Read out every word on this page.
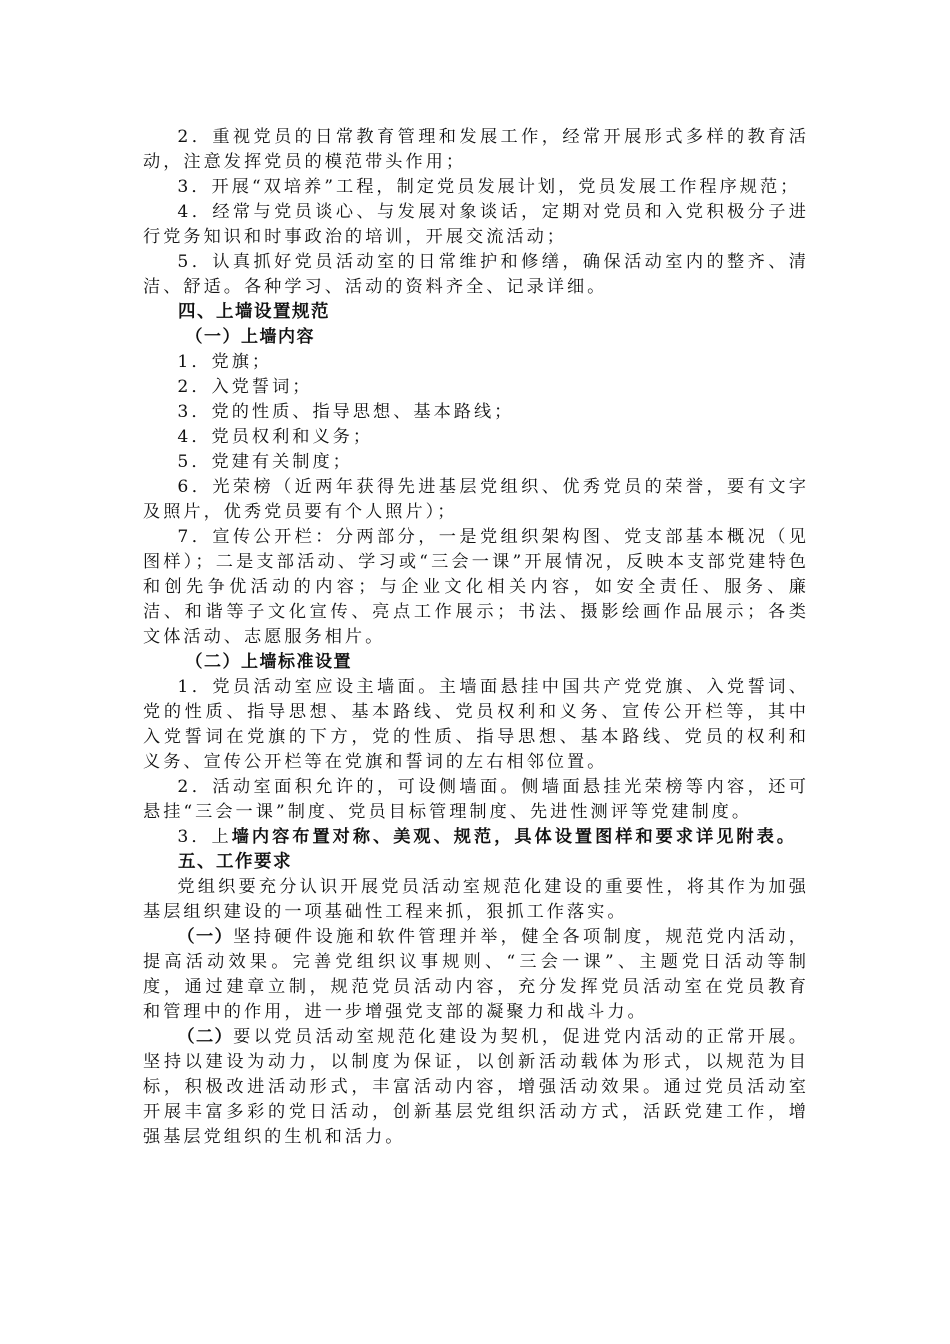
2．重视党员的日常教育管理和发展工作，经常开展形式多样的教育活动，注意发挥党员的模范带头作用；

3．开展“双培养”工程，制定党员发展计划，党员发展工作程序规范；

4．经常与党员谈心、与发展对象谈话，定期对党员和入党积极分子进行党务知识和时事政治的培训，开展交流活动；

5．认真抓好党员活动室的日常维护和修缮，确保活动室内的整齐、清洁、舒适。各种学习、活动的资料齐全、记录详细。

四、上墙设置规范

（一）上墙内容

1．党旗；

2．入党誓词；

3．党的性质、指导思想、基本路线；

4．党员权利和义务；

5．党建有关制度；

6．光荣榜（近两年获得先进基层党组织、优秀党员的荣誉，要有文字及照片，优秀党员要有个人照片）；

7．宣传公开栏：分两部分，一是党组织架构图、党支部基本概况（见图样）；二是支部活动、学习或“三会一课”开展情况，反映本支部党建特色和创先争优活动的内容；与企业文化相关内容，如安全责任、服务、廉洁、和谐等子文化宣传、亮点工作展示；书法、摄影绘画作品展示；各类文体活动、志愿服务相片。

（二）上墙标准设置

1．党员活动室应设主墙面。主墙面悬挂中国共产党党旗、入党誓词、党的性质、指导思想、基本路线、党员权利和义务、宣传公开栏等，其中入党誓词在党旗的下方，党的性质、指导思想、基本路线、党员的权利和义务、宣传公开栏等在党旗和誓词的左右相邻位置。

2．活动室面积允许的，可设侧墙面。侧墙面悬挂光荣榜等内容，还可悬挂“三会一课”制度、党员目标管理制度、先进性测评等党建制度。

3．上墙内容布置对称、美观、规范，具体设置图样和要求详见附表。

五、工作要求

党组织要充分认识开展党员活动室规范化建设的重要性，将其作为加强基层组织建设的一项基础性工程来抓，狠抓工作落实。

（一）坚持硬件设施和软件管理并举，健全各项制度，规范党内活动，提高活动效果。完善党组织议事规则、“三会一课”、主题党日活动等制度，通过建章立制，规范党员活动内容，充分发挥党员活动室在党员教育和管理中的作用，进一步增强党支部的凝聚力和战斗力。

（二）要以党员活动室规范化建设为契机，促进党内活动的正常开展。坚持以建设为动力，以制度为保证，以创新活动载体为形式，以规范为目标，积极改进活动形式，丰富活动内容，增强活动效果。通过党员活动室开展丰富多彩的党日活动，创新基层党组织活动方式，活跃党建工作，增强基层党组织的生机和活力。
